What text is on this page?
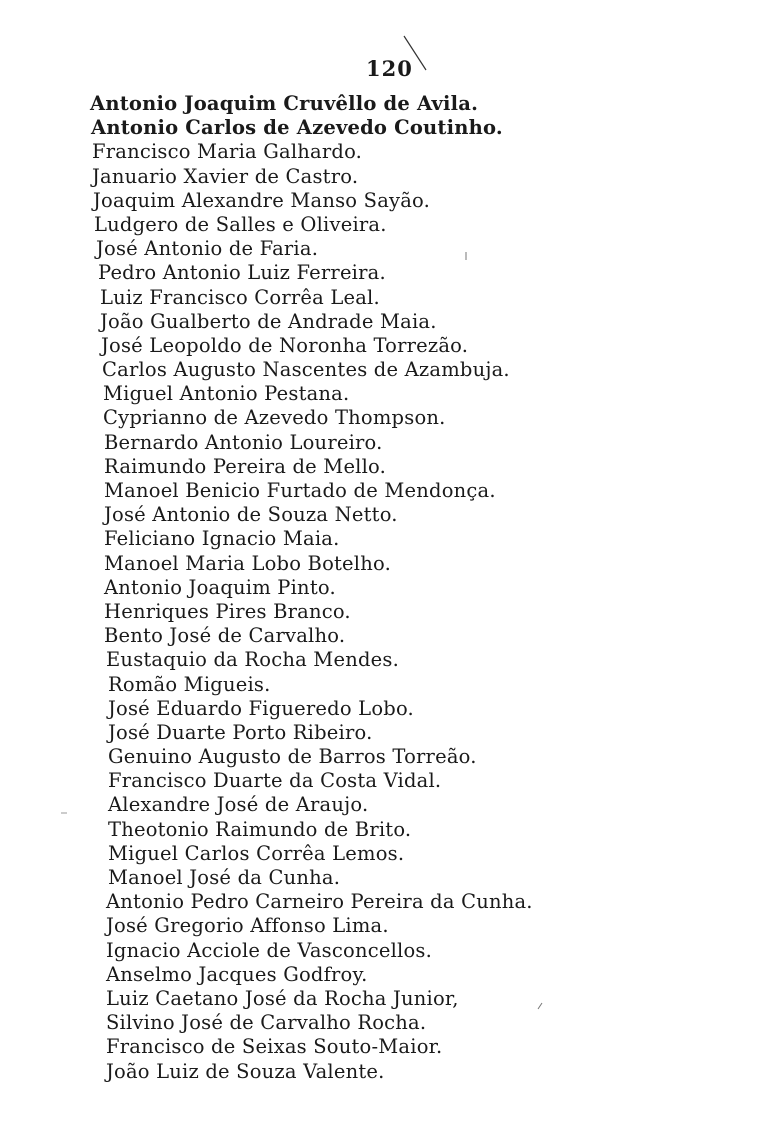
120
Antonio Joaquim Cruvêllo de Avila.
Antonio Carlos de Azevedo Coutinho.
Francisco Maria Galhardo.
Januario Xavier de Castro.
Joaquim Alexandre Manso Sayão.
Ludgero de Salles e Oliveira.
José Antonio de Faria.
Pedro Antonio Luiz Ferreira.
Luiz Francisco Corrêa Leal.
João Gualberto de Andrade Maia.
José Leopoldo de Noronha Torrezão.
Carlos Augusto Nascentes de Azambuja.
Miguel Antonio Pestana.
Cyprianno de Azevedo Thompson.
Bernardo Antonio Loureiro.
Raimundo Pereira de Mello.
Manoel Benicio Furtado de Mendonça.
José Antonio de Souza Netto.
Feliciano Ignacio Maia.
Manoel Maria Lobo Botelho.
Antonio Joaquim Pinto.
Henriques Pires Branco.
Bento José de Carvalho.
Eustaquio da Rocha Mendes.
Romão Migueis.
José Eduardo Figueredo Lobo.
José Duarte Porto Ribeiro.
Genuino Augusto de Barros Torreão.
Francisco Duarte da Costa Vidal.
Alexandre José de Araujo.
Theotonio Raimundo de Brito.
Miguel Carlos Corrêa Lemos.
Manoel José da Cunha.
Antonio Pedro Carneiro Pereira da Cunha.
José Gregorio Affonso Lima.
Ignacio Acciole de Vasconcellos.
Anselmo Jacques Godfroy.
Luiz Caetano José da Rocha Junior,
Silvino José de Carvalho Rocha.
Francisco de Seixas Souto-Maior.
João Luiz de Souza Valente.
